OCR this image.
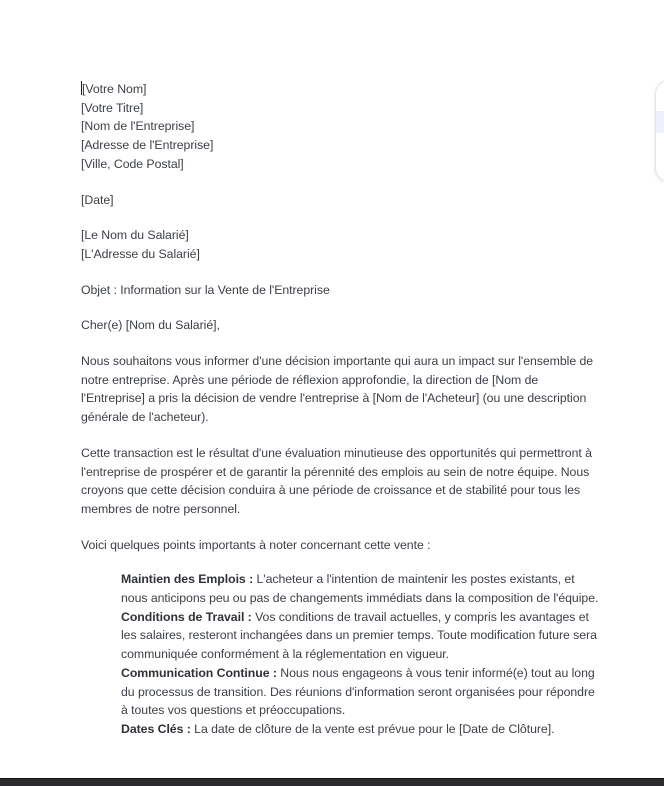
[Votre Nom]
[Votre Titre]
[Nom de l'Entreprise]
[Adresse de l'Entreprise]
[Ville, Code Postal]

[Date]

[Le Nom du Salarié]
[L'Adresse du Salarié]

Objet : Information sur la Vente de l'Entreprise

Cher(e) [Nom du Salarié],

Nous souhaitons vous informer d'une décision importante qui aura un impact sur l'ensemble de notre entreprise. Après une période de réflexion approfondie, la direction de [Nom de l'Entreprise] a pris la décision de vendre l'entreprise à [Nom de l'Acheteur] (ou une description générale de l'acheteur).

Cette transaction est le résultat d'une évaluation minutieuse des opportunités qui permettront à l'entreprise de prospérer et de garantir la pérennité des emplois au sein de notre équipe. Nous croyons que cette décision conduira à une période de croissance et de stabilité pour tous les membres de notre personnel.

Voici quelques points importants à noter concernant cette vente :

Maintien des Emplois : L'acheteur a l'intention de maintenir les postes existants, et nous anticipons peu ou pas de changements immédiats dans la composition de l'équipe.
Conditions de Travail : Vos conditions de travail actuelles, y compris les avantages et les salaires, resteront inchangées dans un premier temps. Toute modification future sera communiquée conformément à la réglementation en vigueur.
Communication Continue : Nous nous engageons à vous tenir informé(e) tout au long du processus de transition. Des réunions d'information seront organisées pour répondre à toutes vos questions et préoccupations.
Dates Clés : La date de clôture de la vente est prévue pour le [Date de Clôture].
